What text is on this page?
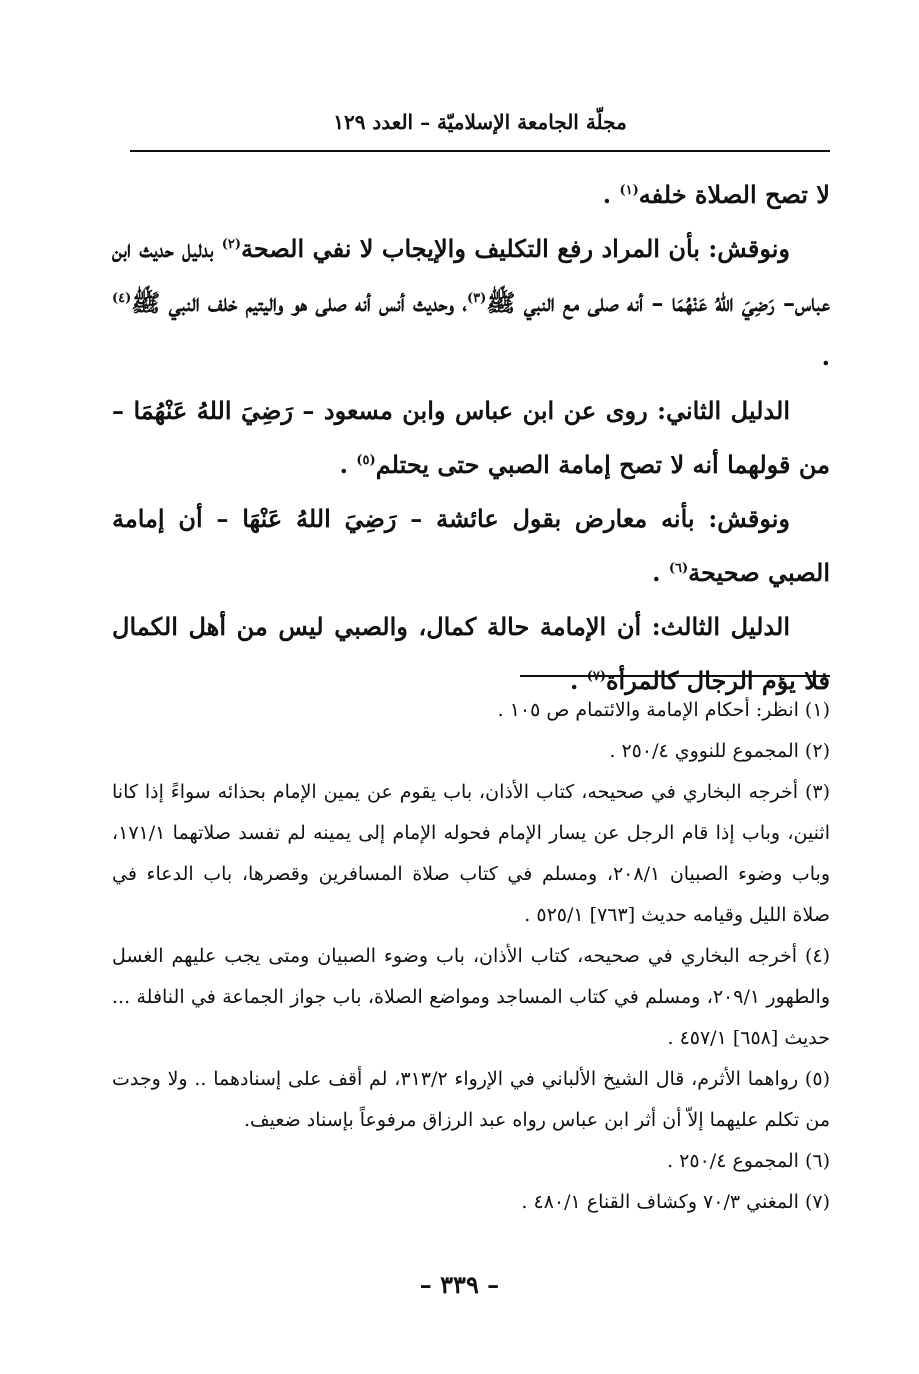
مجلّة الجامعة الإسلاميّة – العدد ١٢٩

لا تصح الصلاة خلفه$^{(١)}$ .

ونوقش: بأن المراد رفع التكليف والإيجاب لا نفي الصحة$^{(٢)}$ بدليل حديث ابن عباس– رَضِيَ اللهُ عَنْهُمَا – أنه صلى مع النبي ﷺ$^{(٣)}$، وحديث أنس أنه صلى هو واليتيم خلف النبي ﷺ$^{(٤)}$ .

الدليل الثاني: روى عن ابن عباس وابن مسعود – رَضِيَ اللهُ عَنْهُمَا – من قولهما أنه لا تصح إمامة الصبي حتى يحتلم$^{(٥)}$ .

ونوقش: بأنه معارض بقول عائشة – رَضِيَ اللهُ عَنْهَا – أن إمامة الصبي صحيحة$^{(٦)}$ .

الدليل الثالث: أن الإمامة حالة كمال، والصبي ليس من أهل الكمال فلا يؤم الرجال كالمرأة$^{(٧)}$ .

(١) انظر: أحكام الإمامة والائتمام ص ١٠٥ .

(٢) المجموع للنووي ٢٥٠/٤ .

(٣) أخرجه البخاري في صحيحه، كتاب الأذان، باب يقوم عن يمين الإمام بحذائه سواءً إذا كانا اثنين، وباب إذا قام الرجل عن يسار الإمام فحوله الإمام إلى يمينه لم تفسد صلاتهما ١٧١/١، وباب وضوء الصبيان ٢٠٨/١، ومسلم في كتاب صلاة المسافرين وقصرها، باب الدعاء في صلاة الليل وقيامه حديث [٧٦٣] ٥٢٥/١ .

(٤) أخرجه البخاري في صحيحه، كتاب الأذان، باب وضوء الصبيان ومتى يجب عليهم الغسل والطهور ٢٠٩/١، ومسلم في كتاب المساجد ومواضع الصلاة، باب جواز الجماعة في النافلة ... حديث [٦٥٨] ٤٥٧/١ .

(٥) رواهما الأثرم، قال الشيخ الألباني في الإرواء ٣١٣/٢، لم أقف على إسنادهما .. ولا وجدت من تكلم عليهما إلاّ أن أثر ابن عباس رواه عبد الرزاق مرفوعاً بإسناد ضعيف.

(٦) المجموع ٢٥٠/٤ .

(٧) المغني ٧٠/٣ وكشاف القناع ٤٨٠/١ .

– ٣٣٩ –
